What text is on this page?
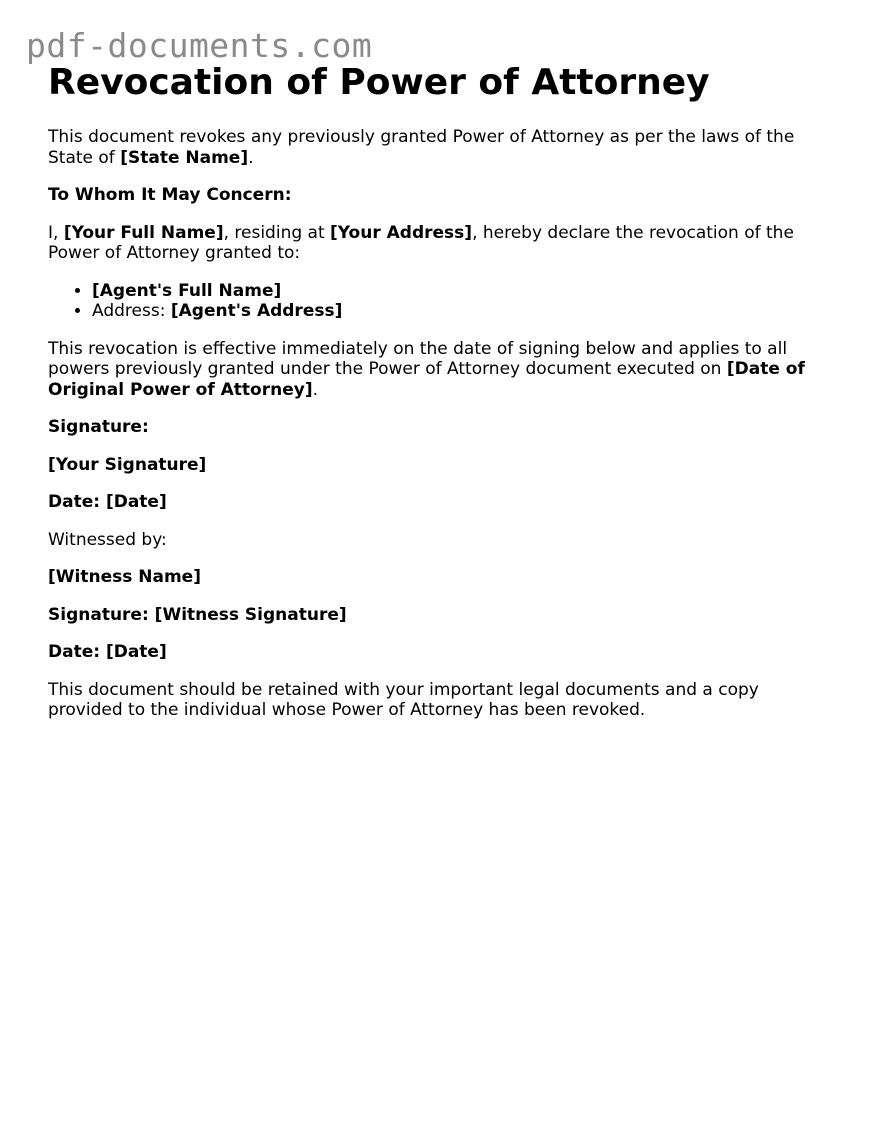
pdf-documents.com
Revocation of Power of Attorney

This document revokes any previously granted Power of Attorney as per the laws of the State of [State Name].

To Whom It May Concern:

I, [Your Full Name], residing at [Your Address], hereby declare the revocation of the Power of Attorney granted to:

• [Agent's Full Name]
• Address: [Agent's Address]

This revocation is effective immediately on the date of signing below and applies to all powers previously granted under the Power of Attorney document executed on [Date of Original Power of Attorney].

Signature:

[Your Signature]

Date: [Date]

Witnessed by:

[Witness Name]

Signature: [Witness Signature]

Date: [Date]

This document should be retained with your important legal documents and a copy provided to the individual whose Power of Attorney has been revoked.
